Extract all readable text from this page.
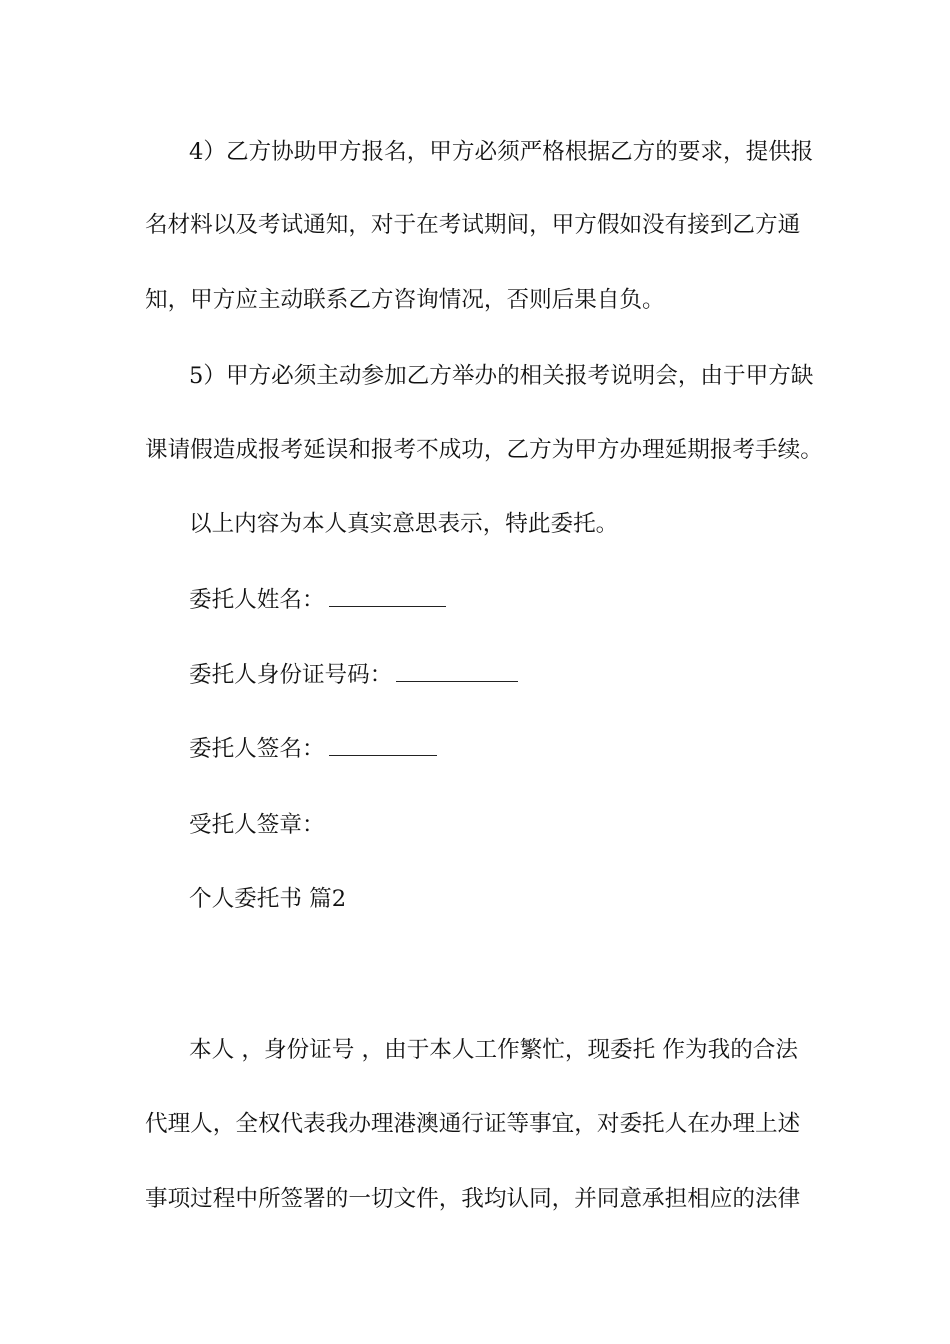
4）乙方协助甲方报名，甲方必须严格根据乙方的要求，提供报
名材料以及考试通知，对于在考试期间，甲方假如没有接到乙方通
知，甲方应主动联系乙方咨询情况，否则后果自负。
5）甲方必须主动参加乙方举办的相关报考说明会，由于甲方缺
课请假造成报考延误和报考不成功，乙方为甲方办理延期报考手续。
以上内容为本人真实意思表示，特此委托。
委托人姓名：
委托人身份证号码：
委托人签名：
受托人签章：
个人委托书 篇2
本人 ，身份证号 ，由于本人工作繁忙，现委托 作为我的合法
代理人，全权代表我办理港澳通行证等事宜，对委托人在办理上述
事项过程中所签署的一切文件，我均认同，并同意承担相应的法律
